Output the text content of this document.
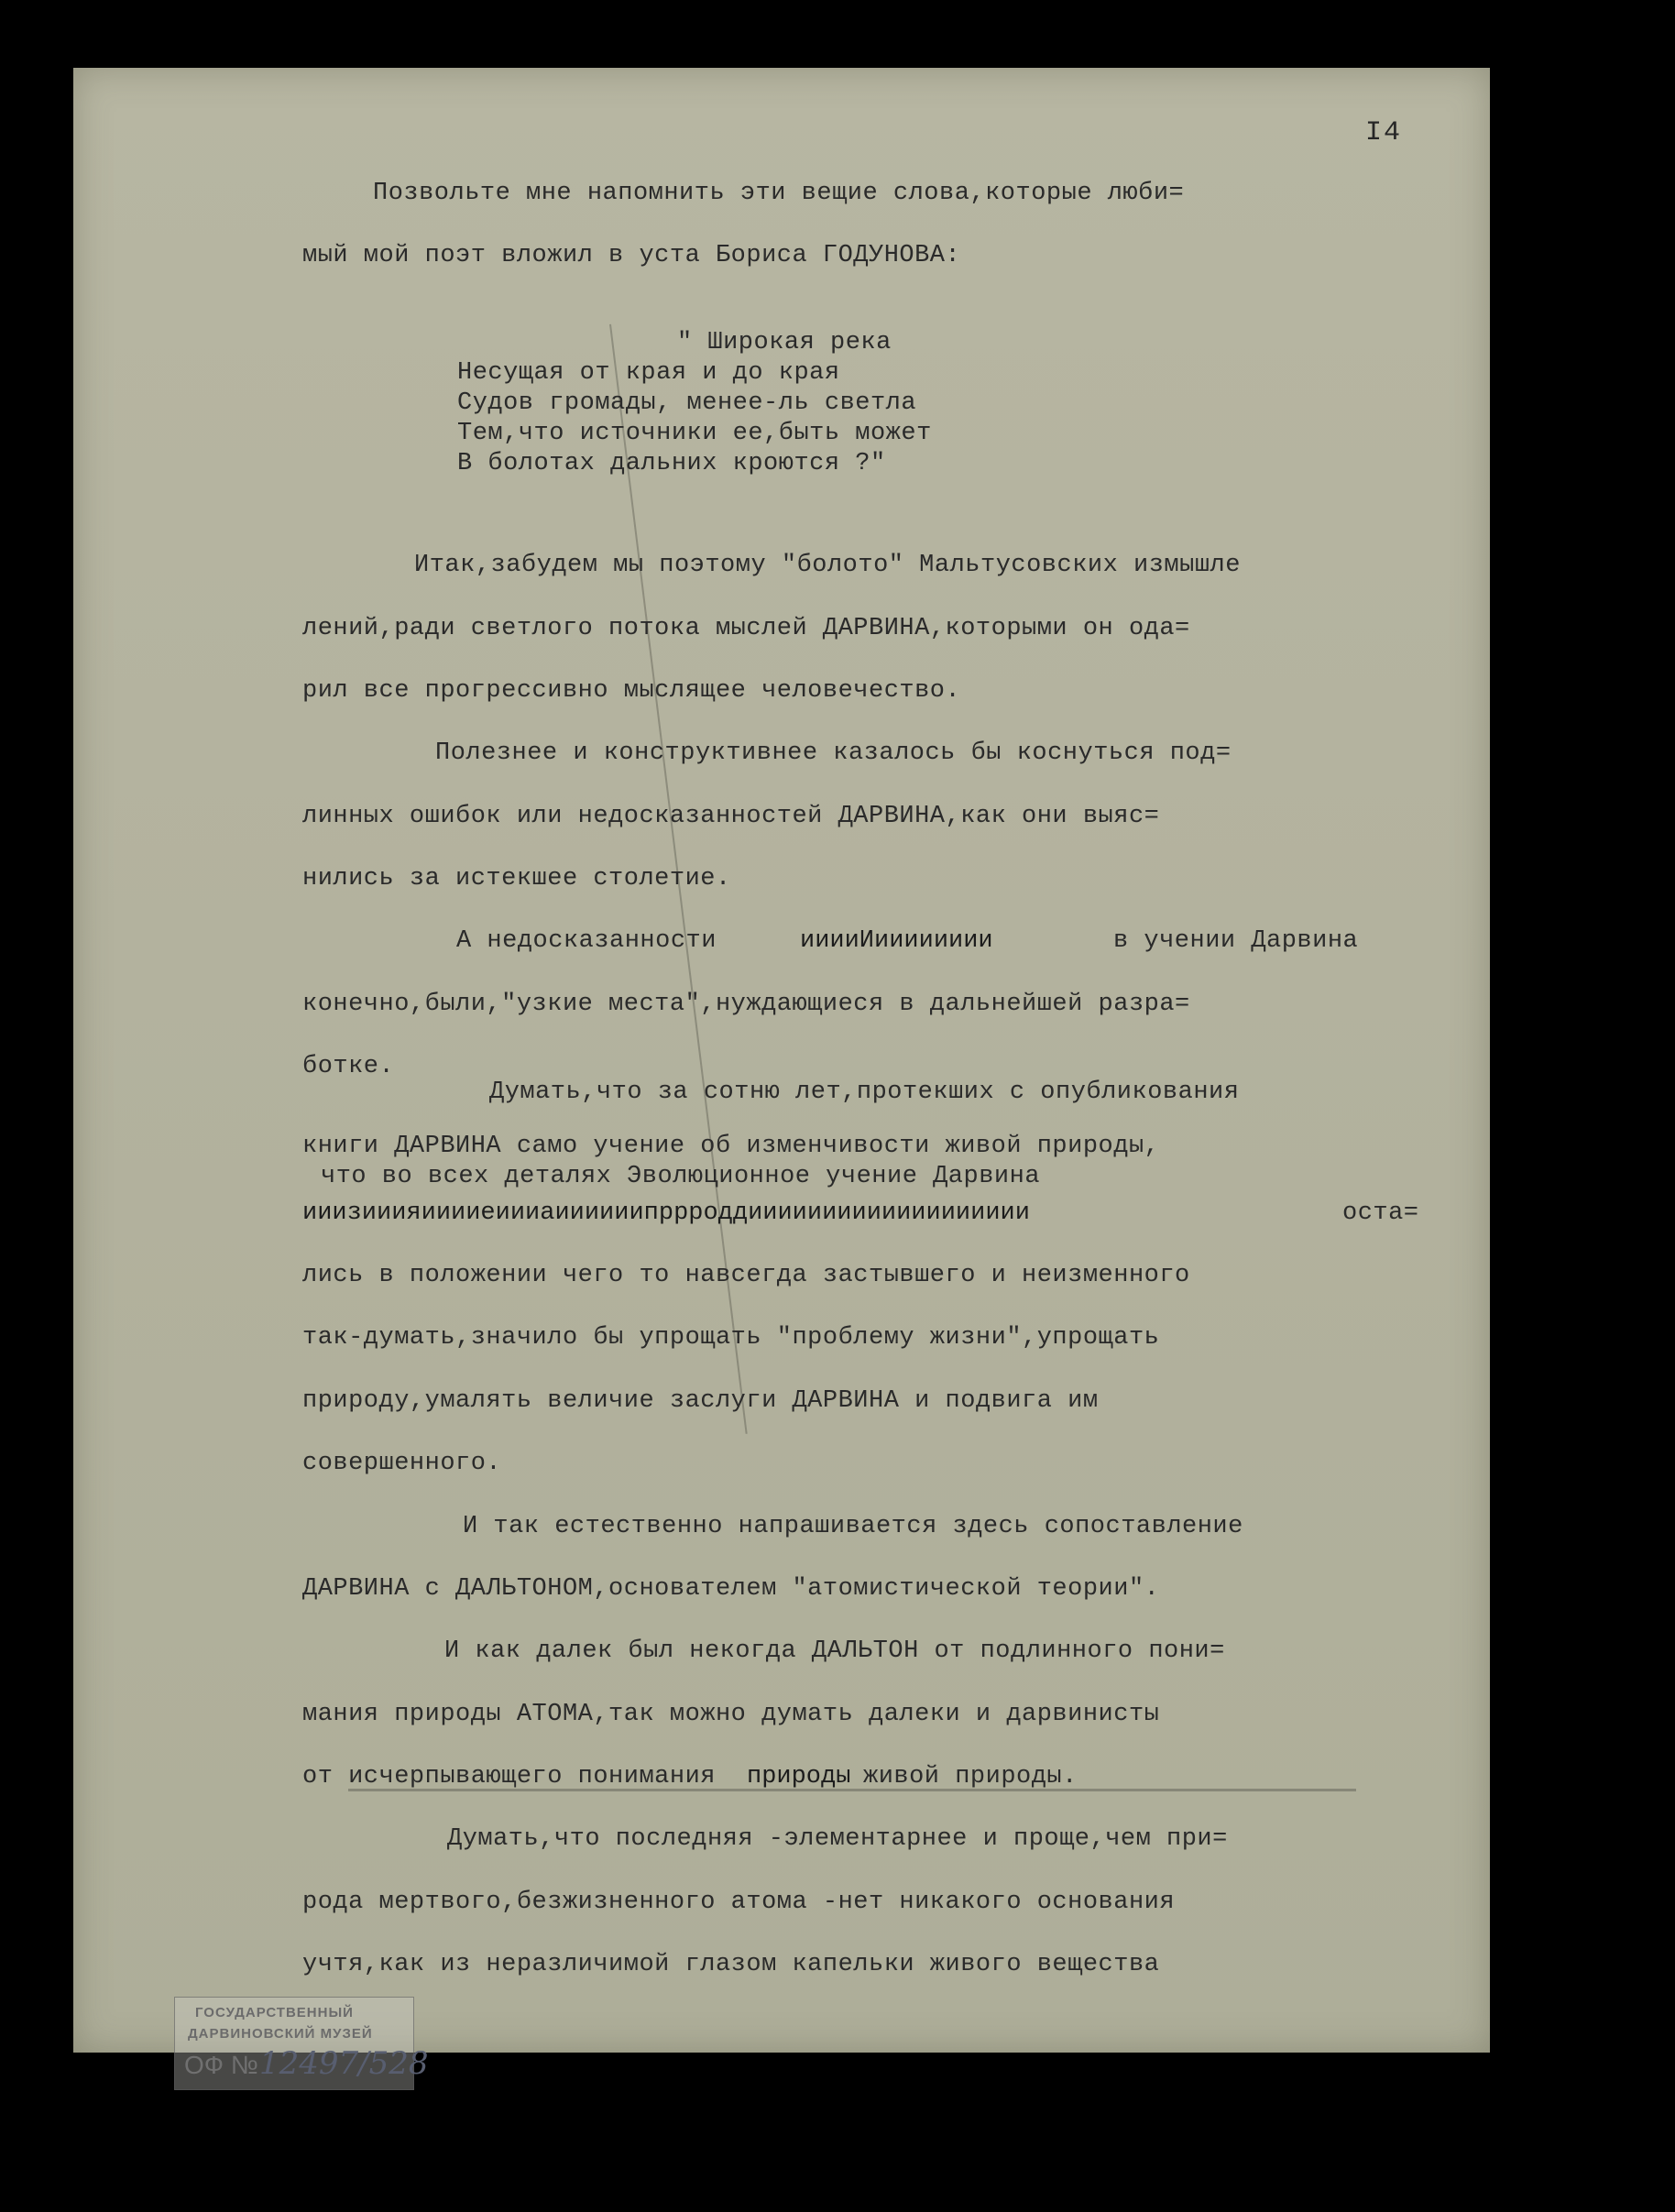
I4
Позвольте мне напомнить эти вещие слова,которые люби=
мый мой поэт вложил в уста Бориса ГОДУНОВА:
" Широкая река
Несущая от края и до края
Судов громады, менее-ль светла
Тем,что источники ее,быть может
В болотах дальних кроются ?"
Итак,забудем мы поэтому "болото" Мальтусовских измышле
лений,ради светлого потока мыслей ДАРВИНА,которыми он ода=
рил все прогрессивно мыслящее человечество.
Полезнее и конструктивнее казалось бы коснуться под=
линных ошибок или недосказанностей ДАРВИНА,как они выяс=
нились за истекшее столетие.
А недосказанности	ииииИииииииии	в учении Дарвина
конечно,были,"узкие места",нуждающиеся в дальнейшей разра=
ботке.
Думать,что за сотню лет,протекших с опубликования
книги ДАРВИНА само учение об изменчивости живой природы,
что во всех деталях Эволюционное учение Дарвина
ииизииияииииеиииаиииииипррроддиииииииииииииииииии	оста=
лись в положении чего то навсегда застывшего и неизменного
так-думать,значило бы упрощать "проблему жизни",упрощать
природу,умалять величие заслуги ДАРВИНА и подвига им
совершенного.
И так естественно напрашивается здесь сопоставление
ДАРВИНА с ДАЛЬТОНОМ,основателем "атомистической теории".
И как далек был некогда ДАЛЬТОН от подлинного пони=
мания природы АТОМА,так можно думать далеки и дарвинисты
от исчерпывающего понимания природы живой природы.
Думать,что последняя -элементарнее и проще,чем при=
рода мертвого,безжизненного атома -нет никакого основания
учтя,как из неразличимой глазом капельки живого вещества
ГОСУДАРСТВЕННЫЙ
ДАРВИНОВСКИЙ МУЗЕЙ
ОФ № 12497/528
